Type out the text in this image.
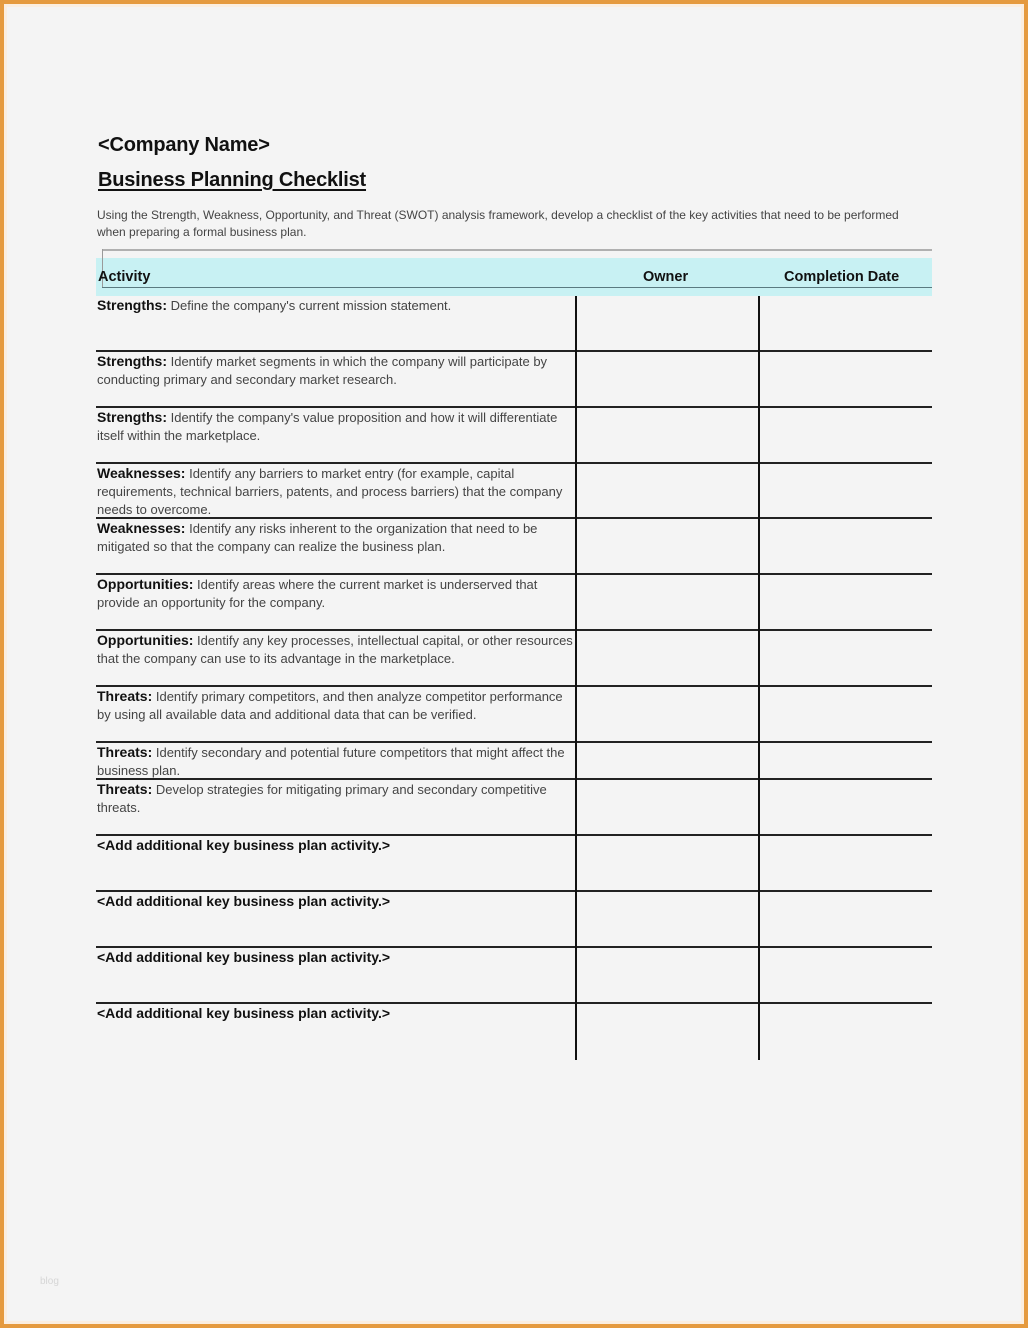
<Company Name>
Business Planning Checklist
Using the Strength, Weakness, Opportunity, and Threat (SWOT) analysis framework, develop a checklist of the key activities that need to be performed when preparing a formal business plan.
Activity	Owner	Completion Date
Strengths: Define the company's current mission statement.
Strengths: Identify market segments in which the company will participate by conducting primary and secondary market research.
Strengths: Identify the company's value proposition and how it will differentiate itself within the marketplace.
Weaknesses: Identify any barriers to market entry (for example, capital requirements, technical barriers, patents, and process barriers) that the company needs to overcome.
Weaknesses: Identify any risks inherent to the organization that need to be mitigated so that the company can realize the business plan.
Opportunities: Identify areas where the current market is underserved that provide an opportunity for the company.
Opportunities: Identify any key processes, intellectual capital, or other resources that the company can use to its advantage in the marketplace.
Threats: Identify primary competitors, and then analyze competitor performance by using all available data and additional data that can be verified.
Threats: Identify secondary and potential future competitors that might affect the business plan.
Threats: Develop strategies for mitigating primary and secondary competitive threats.
<Add additional key business plan activity.>
<Add additional key business plan activity.>
<Add additional key business plan activity.>
<Add additional key business plan activity.>
blog
